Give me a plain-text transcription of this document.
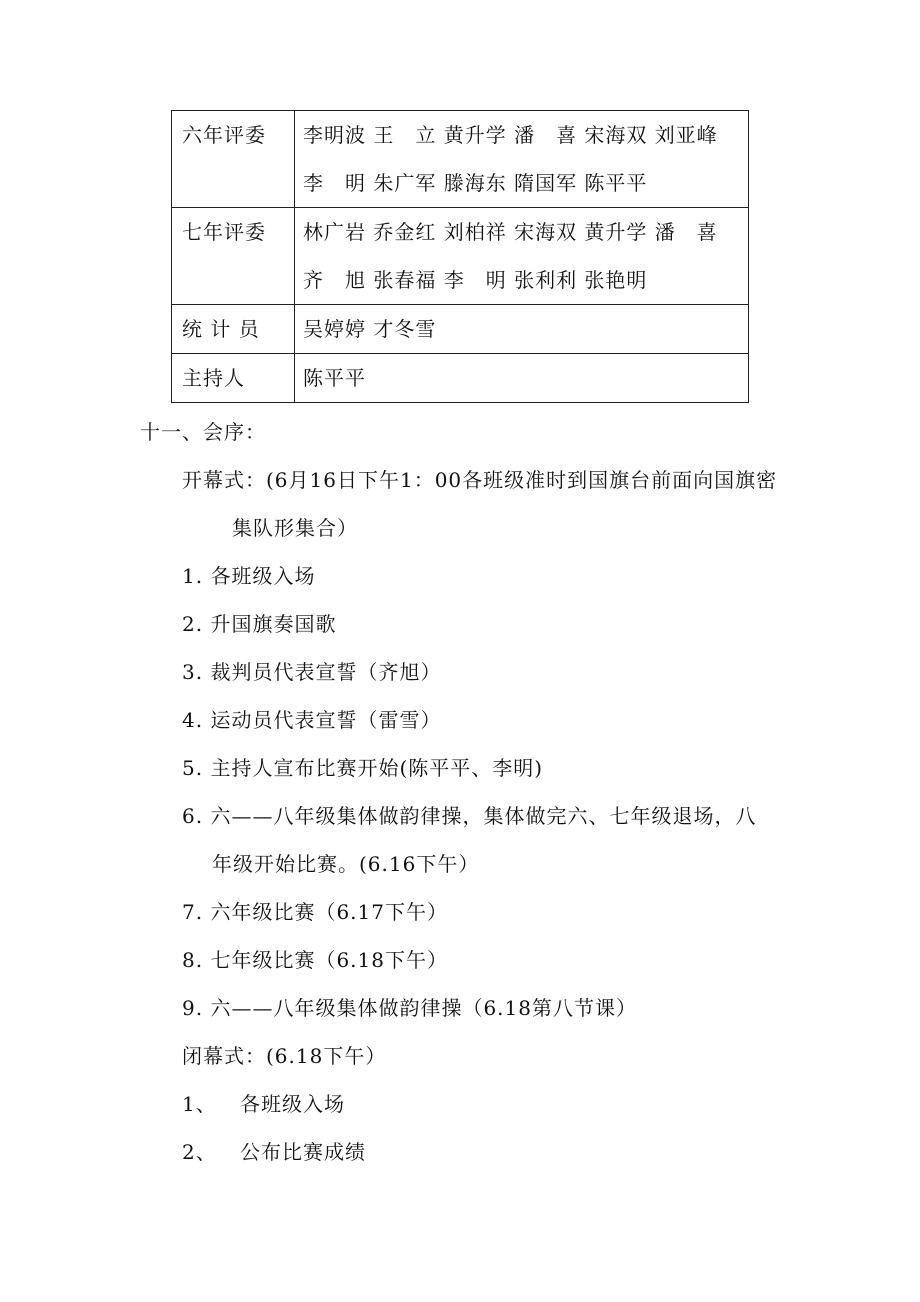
六年评委	李明波 王　立 黄升学 潘　喜 宋海双 刘亚峰
李　明 朱广军 滕海东 隋国军 陈平平

七年评委	林广岩 乔金红 刘柏祥 宋海双 黄升学 潘　喜
齐　旭 张春福 李　明 张利利 张艳明

统 计 员	吴婷婷 才冬雪

主持人	陈平平
十一、会序：
开幕式：(6月16日下午1：00各班级准时到国旗台前面向国旗密
集队形集合）
1. 各班级入场
2. 升国旗奏国歌
3. 裁判员代表宣誓（齐旭）
4. 运动员代表宣誓（雷雪）
5. 主持人宣布比赛开始(陈平平、李明)
6. 六——八年级集体做韵律操，集体做完六、七年级退场，八
年级开始比赛。(6.16下午）
7. 六年级比赛（6.17下午）
8. 七年级比赛（6.18下午）
9. 六——八年级集体做韵律操（6.18第八节课）
闭幕式：(6.18下午）
1、 各班级入场
2、 公布比赛成绩
